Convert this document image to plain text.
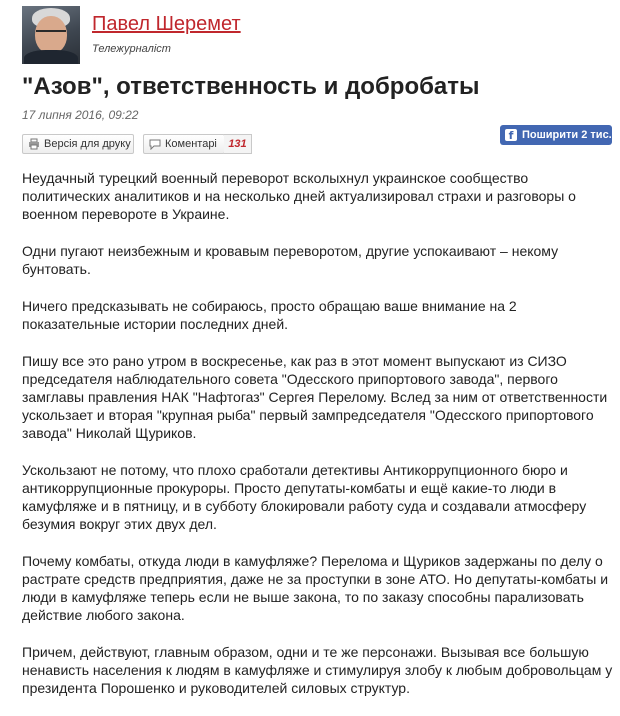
Павел Шеремет
Тележурналіст
"Азов", ответственность и добробаты
17 липня 2016, 09:22
Версія для друку	Коментарі	131
f Поширити 2 тис.

Неудачный турецкий военный переворот всколыхнул украинское сообщество политических аналитиков и на несколько дней актуализировал страхи и разговоры о военном перевороте в Украине.

Одни пугают неизбежным и кровавым переворотом, другие успокаивают – некому бунтовать.

Ничего предсказывать не собираюсь, просто обращаю ваше внимание на 2 показательные истории последних дней.

Пишу все это рано утром в воскресенье, как раз в этот момент выпускают из СИЗО председателя наблюдательного совета "Одесского припортового завода", первого замглавы правления НАК "Нафтогаз" Сергея Перелому. Вслед за ним от ответственности ускользает и вторая "крупная рыба" первый зампредседателя "Одесского припортового завода" Николай Щуриков.

Ускользают не потому, что плохо сработали детективы Антикоррупционного бюро и антикоррупционные прокуроры. Просто депутаты-комбаты и ещё какие-то люди в камуфляже и в пятницу, и в субботу блокировали работу суда и создавали атмосферу безумия вокруг этих двух дел.

Почему комбаты, откуда люди в камуфляже? Перелома и Щуриков задержаны по делу о растрате средств предприятия, даже не за проступки в зоне АТО. Но депутаты-комбаты и люди в камуфляже теперь если не выше закона, то по заказу способны парализовать действие любого закона.

Причем, действуют, главным образом, одни и те же персонажи. Вызывая все большую ненависть населения к людям в камуфляже и стимулируя злобу к любым добровольцам у президента Порошенко и руководителей силовых структур.
